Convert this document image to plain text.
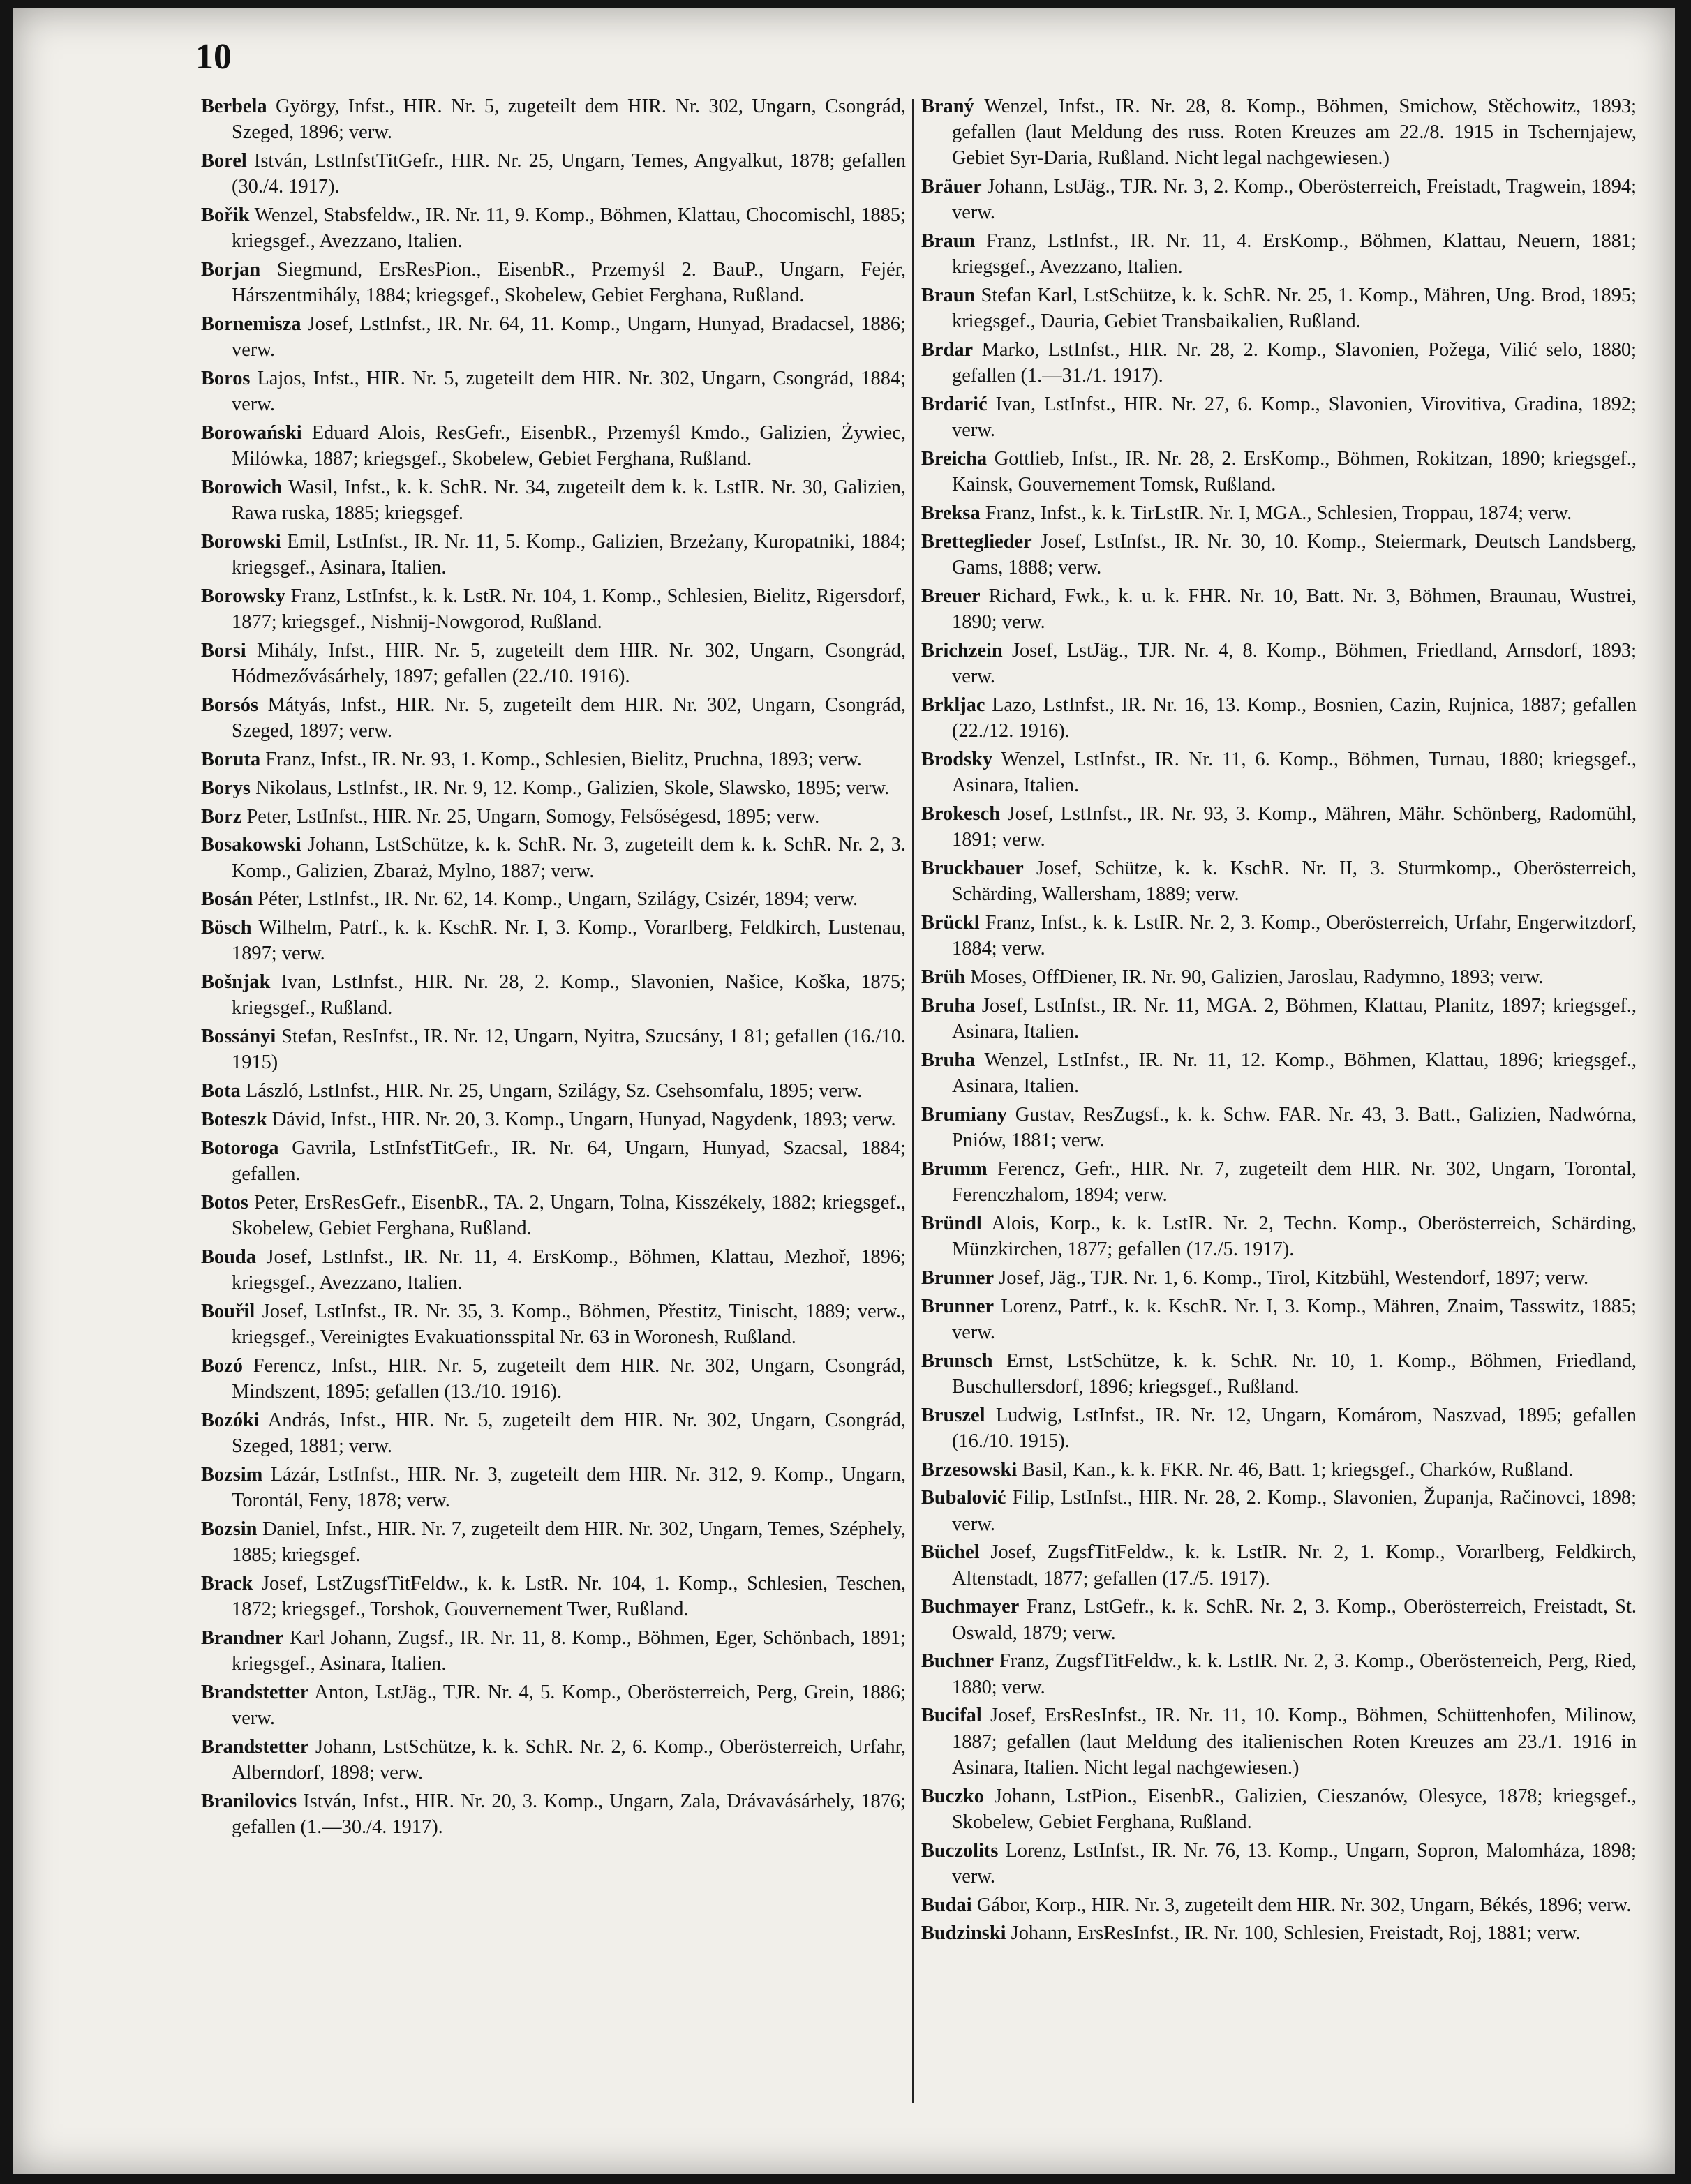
10

Berbela György, Infst., HIR. Nr. 5, zugeteilt dem HIR. Nr. 302, Ungarn, Csongrád, Szeged, 1896; verw.

Borel István, LstInfstTitGefr., HIR. Nr. 25, Ungarn, Temes, Angyalkut, 1878; gefallen (30./4. 1917).

Bořik Wenzel, Stabsfeldw., IR. Nr. 11, 9. Komp., Böhmen, Klattau, Chocomischl, 1885; kriegsgef., Avezzano, Italien.

Borjan Siegmund, ErsResPion., EisenbR., Przemyśl 2. BauP., Ungarn, Fejér, Hárszentmihály, 1884; kriegsgef., Skobelew, Gebiet Ferghana, Rußland.

Bornemisza Josef, LstInfst., IR. Nr. 64, 11. Komp., Ungarn, Hunyad, Bradacsel, 1886; verw.

Boros Lajos, Infst., HIR. Nr. 5, zugeteilt dem HIR. Nr. 302, Ungarn, Csongrád, 1884; verw.

Borowański Eduard Alois, ResGefr., EisenbR., Przemyśl Kmdo., Galizien, Żywiec, Milówka, 1887; kriegsgef., Skobelew, Gebiet Ferghana, Rußland.

Borowich Wasil, Infst., k. k. SchR. Nr. 34, zugeteilt dem k. k. LstIR. Nr. 30, Galizien, Rawa ruska, 1885; kriegsgef.

Borowski Emil, LstInfst., IR. Nr. 11, 5. Komp., Galizien, Brzeżany, Kuropatniki, 1884; kriegsgef., Asinara, Italien.

Borowsky Franz, LstInfst., k. k. LstR. Nr. 104, 1. Komp., Schlesien, Bielitz, Rigersdorf, 1877; kriegsgef., Nishnij-Nowgorod, Rußland.

Borsi Mihály, Infst., HIR. Nr. 5, zugeteilt dem HIR. Nr. 302, Ungarn, Csongrád, Hódmezővásárhely, 1897; gefallen (22./10. 1916).

Borsós Mátyás, Infst., HIR. Nr. 5, zugeteilt dem HIR. Nr. 302, Ungarn, Csongrád, Szeged, 1897; verw.

Boruta Franz, Infst., IR. Nr. 93, 1. Komp., Schlesien, Bielitz, Pruchna, 1893; verw.

Borys Nikolaus, LstInfst., IR. Nr. 9, 12. Komp., Galizien, Skole, Slawsko, 1895; verw.

Borz Peter, LstInfst., HIR. Nr. 25, Ungarn, Somogy, Felsőségesd, 1895; verw.

Bosakowski Johann, LstSchütze, k. k. SchR. Nr. 3, zugeteilt dem k. k. SchR. Nr. 2, 3. Komp., Galizien, Zbaraż, Mylno, 1887; verw.

Bosán Péter, LstInfst., IR. Nr. 62, 14. Komp., Ungarn, Szilágy, Csizér, 1894; verw.

Bösch Wilhelm, Patrf., k. k. KschR. Nr. I, 3. Komp., Vorarlberg, Feldkirch, Lustenau, 1897; verw.

Bošnjak Ivan, LstInfst., HIR. Nr. 28, 2. Komp., Slavonien, Našice, Koška, 1875; kriegsgef., Rußland.

Bossányi Stefan, ResInfst., IR. Nr. 12, Ungarn, Nyitra, Szucsány, 1 81; gefallen (16./10. 1915)

Bota László, LstInfst., HIR. Nr. 25, Ungarn, Szilágy, Sz. Csehsomfalu, 1895; verw.

Boteszk Dávid, Infst., HIR. Nr. 20, 3. Komp., Ungarn, Hunyad, Nagydenk, 1893; verw.

Botoroga Gavrila, LstInfstTitGefr., IR. Nr. 64, Ungarn, Hunyad, Szacsal, 1884; gefallen.

Botos Peter, ErsResGefr., EisenbR., TA. 2, Ungarn, Tolna, Kisszékely, 1882; kriegsgef., Skobelew, Gebiet Ferghana, Rußland.

Bouda Josef, LstInfst., IR. Nr. 11, 4. ErsKomp., Böhmen, Klattau, Mezhoř, 1896; kriegsgef., Avezzano, Italien.

Bouřil Josef, LstInfst., IR. Nr. 35, 3. Komp., Böhmen, Přestitz, Tinischt, 1889; verw., kriegsgef., Vereinigtes Evakuationsspital Nr. 63 in Woronesh, Rußland.

Bozó Ferencz, Infst., HIR. Nr. 5, zugeteilt dem HIR. Nr. 302, Ungarn, Csongrád, Mindszent, 1895; gefallen (13./10. 1916).

Bozóki András, Infst., HIR. Nr. 5, zugeteilt dem HIR. Nr. 302, Ungarn, Csongrád, Szeged, 1881; verw.

Bozsim Lázár, LstInfst., HIR. Nr. 3, zugeteilt dem HIR. Nr. 312, 9. Komp., Ungarn, Torontál, Feny, 1878; verw.

Bozsin Daniel, Infst., HIR. Nr. 7, zugeteilt dem HIR. Nr. 302, Ungarn, Temes, Széphely, 1885; kriegsgef.

Brack Josef, LstZugsfTitFeldw., k. k. LstR. Nr. 104, 1. Komp., Schlesien, Teschen, 1872; kriegsgef., Torshok, Gouvernement Twer, Rußland.

Brandner Karl Johann, Zugsf., IR. Nr. 11, 8. Komp., Böhmen, Eger, Schönbach, 1891; kriegsgef., Asinara, Italien.

Brandstetter Anton, LstJäg., TJR. Nr. 4, 5. Komp., Oberösterreich, Perg, Grein, 1886; verw.

Brandstetter Johann, LstSchütze, k. k. SchR. Nr. 2, 6. Komp., Oberösterreich, Urfahr, Alberndorf, 1898; verw.

Branilovics István, Infst., HIR. Nr. 20, 3. Komp., Ungarn, Zala, Drávavásárhely, 1876; gefallen (1.—30./4. 1917).

Braný Wenzel, Infst., IR. Nr. 28, 8. Komp., Böhmen, Smichow, Stěchowitz, 1893; gefallen (laut Meldung des russ. Roten Kreuzes am 22./8. 1915 in Tschernjajew, Gebiet Syr-Daria, Rußland. Nicht legal nachgewiesen.)

Bräuer Johann, LstJäg., TJR. Nr. 3, 2. Komp., Oberösterreich, Freistadt, Tragwein, 1894; verw.

Braun Franz, LstInfst., IR. Nr. 11, 4. ErsKomp., Böhmen, Klattau, Neuern, 1881; kriegsgef., Avezzano, Italien.

Braun Stefan Karl, LstSchütze, k. k. SchR. Nr. 25, 1. Komp., Mähren, Ung. Brod, 1895; kriegsgef., Dauria, Gebiet Transbaikalien, Rußland.

Brdar Marko, LstInfst., HIR. Nr. 28, 2. Komp., Slavonien, Požega, Vilić selo, 1880; gefallen (1.—31./1. 1917).

Brdarić Ivan, LstInfst., HIR. Nr. 27, 6. Komp., Slavonien, Virovitiva, Gradina, 1892; verw.

Breicha Gottlieb, Infst., IR. Nr. 28, 2. ErsKomp., Böhmen, Rokitzan, 1890; kriegsgef., Kainsk, Gouvernement Tomsk, Rußland.

Breksa Franz, Infst., k. k. TirLstIR. Nr. I, MGA., Schlesien, Troppau, 1874; verw.

Bretteglieder Josef, LstInfst., IR. Nr. 30, 10. Komp., Steiermark, Deutsch Landsberg, Gams, 1888; verw.

Breuer Richard, Fwk., k. u. k. FHR. Nr. 10, Batt. Nr. 3, Böhmen, Braunau, Wustrei, 1890; verw.

Brichzein Josef, LstJäg., TJR. Nr. 4, 8. Komp., Böhmen, Friedland, Arnsdorf, 1893; verw.

Brkljac Lazo, LstInfst., IR. Nr. 16, 13. Komp., Bosnien, Cazin, Rujnica, 1887; gefallen (22./12. 1916).

Brodsky Wenzel, LstInfst., IR. Nr. 11, 6. Komp., Böhmen, Turnau, 1880; kriegsgef., Asinara, Italien.

Brokesch Josef, LstInfst., IR. Nr. 93, 3. Komp., Mähren, Mähr. Schönberg, Radomühl, 1891; verw.

Bruckbauer Josef, Schütze, k. k. KschR. Nr. II, 3. Sturmkomp., Oberösterreich, Schärding, Wallersham, 1889; verw.

Brückl Franz, Infst., k. k. LstIR. Nr. 2, 3. Komp., Oberösterreich, Urfahr, Engerwitzdorf, 1884; verw.

Brüh Moses, OffDiener, IR. Nr. 90, Galizien, Jaroslau, Radymno, 1893; verw.

Bruha Josef, LstInfst., IR. Nr. 11, MGA. 2, Böhmen, Klattau, Planitz, 1897; kriegsgef., Asinara, Italien.

Bruha Wenzel, LstInfst., IR. Nr. 11, 12. Komp., Böhmen, Klattau, 1896; kriegsgef., Asinara, Italien.

Brumiany Gustav, ResZugsf., k. k. Schw. FAR. Nr. 43, 3. Batt., Galizien, Nadwórna, Pniów, 1881; verw.

Brumm Ferencz, Gefr., HIR. Nr. 7, zugeteilt dem HIR. Nr. 302, Ungarn, Torontal, Ferenczhalom, 1894; verw.

Bründl Alois, Korp., k. k. LstIR. Nr. 2, Techn. Komp., Oberösterreich, Schärding, Münzkirchen, 1877; gefallen (17./5. 1917).

Brunner Josef, Jäg., TJR. Nr. 1, 6. Komp., Tirol, Kitzbühl, Westendorf, 1897; verw.

Brunner Lorenz, Patrf., k. k. KschR. Nr. I, 3. Komp., Mähren, Znaim, Tasswitz, 1885; verw.

Brunsch Ernst, LstSchütze, k. k. SchR. Nr. 10, 1. Komp., Böhmen, Friedland, Buschullersdorf, 1896; kriegsgef., Rußland.

Bruszel Ludwig, LstInfst., IR. Nr. 12, Ungarn, Komárom, Naszvad, 1895; gefallen (16./10. 1915).

Brzesowski Basil, Kan., k. k. FKR. Nr. 46, Batt. 1; kriegsgef., Charków, Rußland.

Bubalović Filip, LstInfst., HIR. Nr. 28, 2. Komp., Slavonien, Županja, Račinovci, 1898; verw.

Büchel Josef, ZugsfTitFeldw., k. k. LstIR. Nr. 2, 1. Komp., Vorarlberg, Feldkirch, Altenstadt, 1877; gefallen (17./5. 1917).

Buchmayer Franz, LstGefr., k. k. SchR. Nr. 2, 3. Komp., Oberösterreich, Freistadt, St. Oswald, 1879; verw.

Buchner Franz, ZugsfTitFeldw., k. k. LstIR. Nr. 2, 3. Komp., Oberösterreich, Perg, Ried, 1880; verw.

Bucifal Josef, ErsResInfst., IR. Nr. 11, 10. Komp., Böhmen, Schüttenhofen, Milinow, 1887; gefallen (laut Meldung des italienischen Roten Kreuzes am 23./1. 1916 in Asinara, Italien. Nicht legal nachgewiesen.)

Buczko Johann, LstPion., EisenbR., Galizien, Cieszanów, Olesyce, 1878; kriegsgef., Skobelew, Gebiet Ferghana, Rußland.

Buczolits Lorenz, LstInfst., IR. Nr. 76, 13. Komp., Ungarn, Sopron, Malomháza, 1898; verw.

Budai Gábor, Korp., HIR. Nr. 3, zugeteilt dem HIR. Nr. 302, Ungarn, Békés, 1896; verw.

Budzinski Johann, ErsResInfst., IR. Nr. 100, Schlesien, Freistadt, Roj, 1881; verw.
